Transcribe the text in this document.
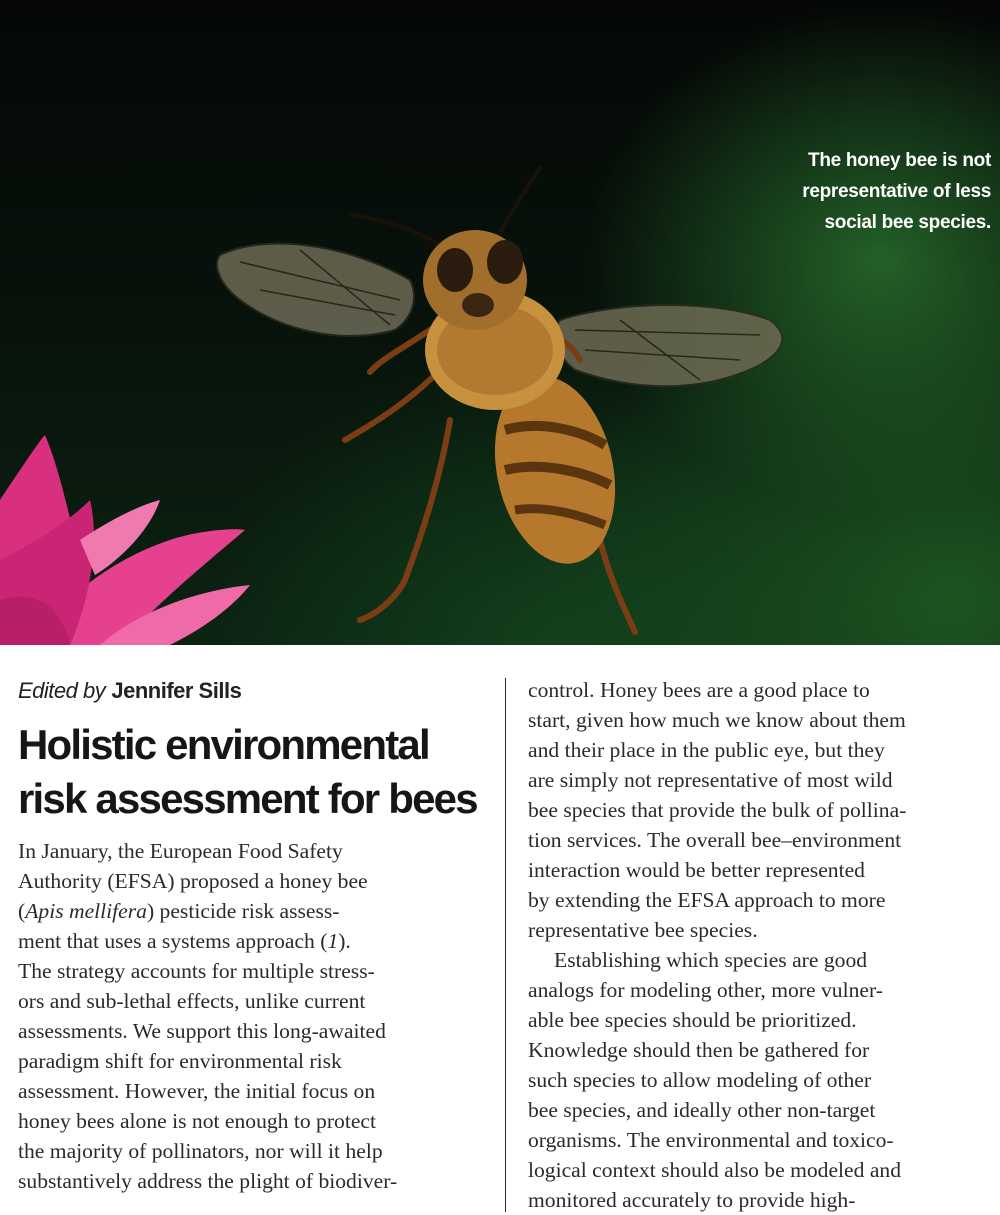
The honey bee is not
representative of less
social bee species.
Edited by Jennifer Sills
Holistic environmental
risk assessment for bees
In January, the European Food Safety
Authority (EFSA) proposed a honey bee
(Apis mellifera) pesticide risk assess-
ment that uses a systems approach (1).
The strategy accounts for multiple stress-
ors and sub-lethal effects, unlike current
assessments. We support this long-awaited
paradigm shift for environmental risk
assessment. However, the initial focus on
honey bees alone is not enough to protect
the majority of pollinators, nor will it help
substantively address the plight of biodiver-
control. Honey bees are a good place to
start, given how much we know about them
and their place in the public eye, but they
are simply not representative of most wild
bee species that provide the bulk of pollina-
tion services. The overall bee–environment
interaction would be better represented
by extending the EFSA approach to more
representative bee species.
Establishing which species are good
analogs for modeling other, more vulner-
able bee species should be prioritized.
Knowledge should then be gathered for
such species to allow modeling of other
bee species, and ideally other non-target
organisms. The environmental and toxico-
logical context should also be modeled and
monitored accurately to provide high-
